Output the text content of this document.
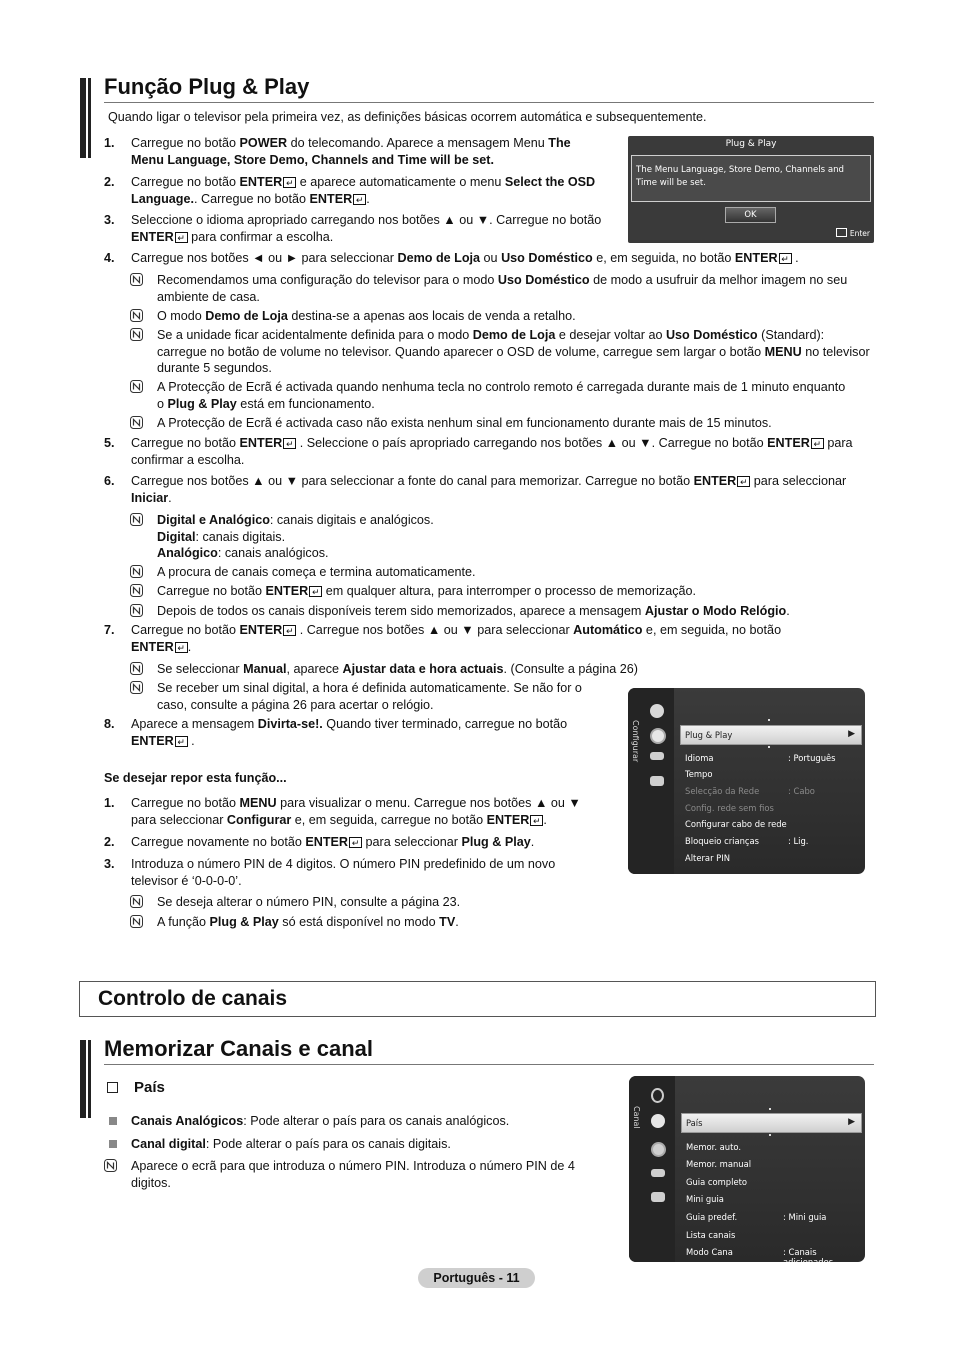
Função Plug & Play
Quando ligar o televisor pela primeira vez, as definições básicas ocorrem automática e subsequentemente.
Plug & Play
The Menu Language, Store Demo, Channels and Time will be set.
OK
Enter
1. Carregue no botão POWER do telecomando. Aparece a mensagem Menu The Menu Language, Store Demo, Channels and Time will be set.
2. Carregue no botão ENTER ↵ e aparece automaticamente o menu Select the OSD Language.. Carregue no botão ENTER ↵ .
3. Seleccione o idioma apropriado carregando nos botões ▲ ou ▼. Carregue no botão ENTER ↵ para confirmar a escolha.
4. Carregue nos botões ◄ ou ► para seleccionar Demo de Loja ou Uso Doméstico e, em seguida, no botão ENTER ↵ .
Recomendamos uma configuração do televisor para o modo Uso Doméstico de modo a usufruir da melhor imagem no seu ambiente de casa.
O modo Demo de Loja destina-se a apenas aos locais de venda a retalho.
Se a unidade ficar acidentalmente definida para o modo Demo de Loja e desejar voltar ao Uso Doméstico (Standard): carregue no botão de volume no televisor. Quando aparecer o OSD de volume, carregue sem largar o botão MENU no televisor durante 5 segundos.
A Protecção de Ecrã é activada quando nenhuma tecla no controlo remoto é carregada durante mais de 1 minuto enquanto o Plug & Play está em funcionamento.
A Protecção de Ecrã é activada caso não exista nenhum sinal em funcionamento durante mais de 15 minutos.
5. Carregue no botão ENTER ↵ . Seleccione o país apropriado carregando nos botões ▲ ou ▼. Carregue no botão ENTER ↵ para confirmar a escolha.
6. Carregue nos botões ▲ ou ▼ para seleccionar a fonte do canal para memorizar. Carregue no botão ENTER ↵ para seleccionar Iniciar.
Digital e Analógico: canais digitais e analógicos.
Digital: canais digitais.
Analógico: canais analógicos.
A procura de canais começa e termina automaticamente.
Carregue no botão ENTER ↵ em qualquer altura, para interromper o processo de memorização.
Depois de todos os canais disponíveis terem sido memorizados, aparece a mensagem Ajustar o Modo Relógio.
7. Carregue no botão ENTER ↵ . Carregue nos botões ▲ ou ▼ para seleccionar Automático e, em seguida, no botão
ENTER ↵ .
Se seleccionar Manual, aparece Ajustar data e hora actuais. (Consulte a página 26)
Se receber um sinal digital, a hora é definida automaticamente. Se não for o caso, consulte a página 26 para acertar o relógio.
8. Aparece a mensagem Divirta-se!. Quando tiver terminado, carregue no botão ENTER ↵ .
Se desejar repor esta função...
1. Carregue no botão MENU para visualizar o menu. Carregue nos botões ▲ ou ▼ para seleccionar Configurar e, em seguida, carregue no botão ENTER ↵ .
2. Carregue novamente no botão ENTER ↵ para seleccionar Plug & Play.
3. Introduza o número PIN de 4 digitos. O número PIN predefinido de um novo televisor é ‘0-0-0-0’.
Se deseja alterar o número PIN, consulte a página 23.
A função Plug & Play só está disponível no modo TV.
Configurar	Plug & Play	▶
Idioma	: Português
Tempo
Selecção da Rede	: Cabo
Config. rede sem fios
Configurar cabo de rede
Bloqueio crianças	: Lig.
Alterar PIN
Controlo de canais
Memorizar Canais e canal
País
Canais Analógicos: Pode alterar o país para os canais analógicos.
Canal digital: Pode alterar o país para os canais digitais.
Aparece o ecrã para que introduza o número PIN. Introduza o número PIN de 4 digitos.
Canal	País	▶
Memor. auto.
Memor. manual
Guia completo
Mini guia
Guia predef.	: Mini guia
Lista canais
Modo Cana	: Canais adicionados
Português - 11
